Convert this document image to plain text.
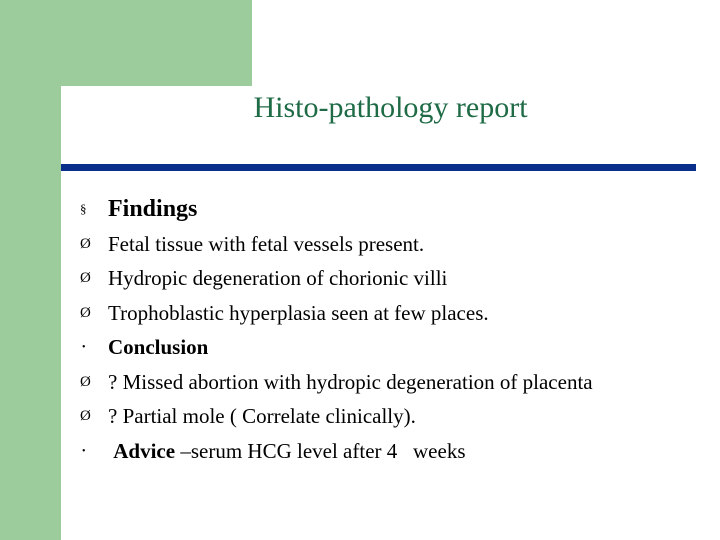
Histo-pathology report
§ Findings
Ø Fetal tissue with fetal vessels present.
Ø Hydropic degeneration of chorionic villi
Ø Trophoblastic hyperplasia seen at few places.
•	Conclusion
Ø ? Missed abortion with hydropic degeneration of placenta
Ø ? Partial mole ( Correlate clinically).
•	Advice –serum HCG level after 4   weeks
